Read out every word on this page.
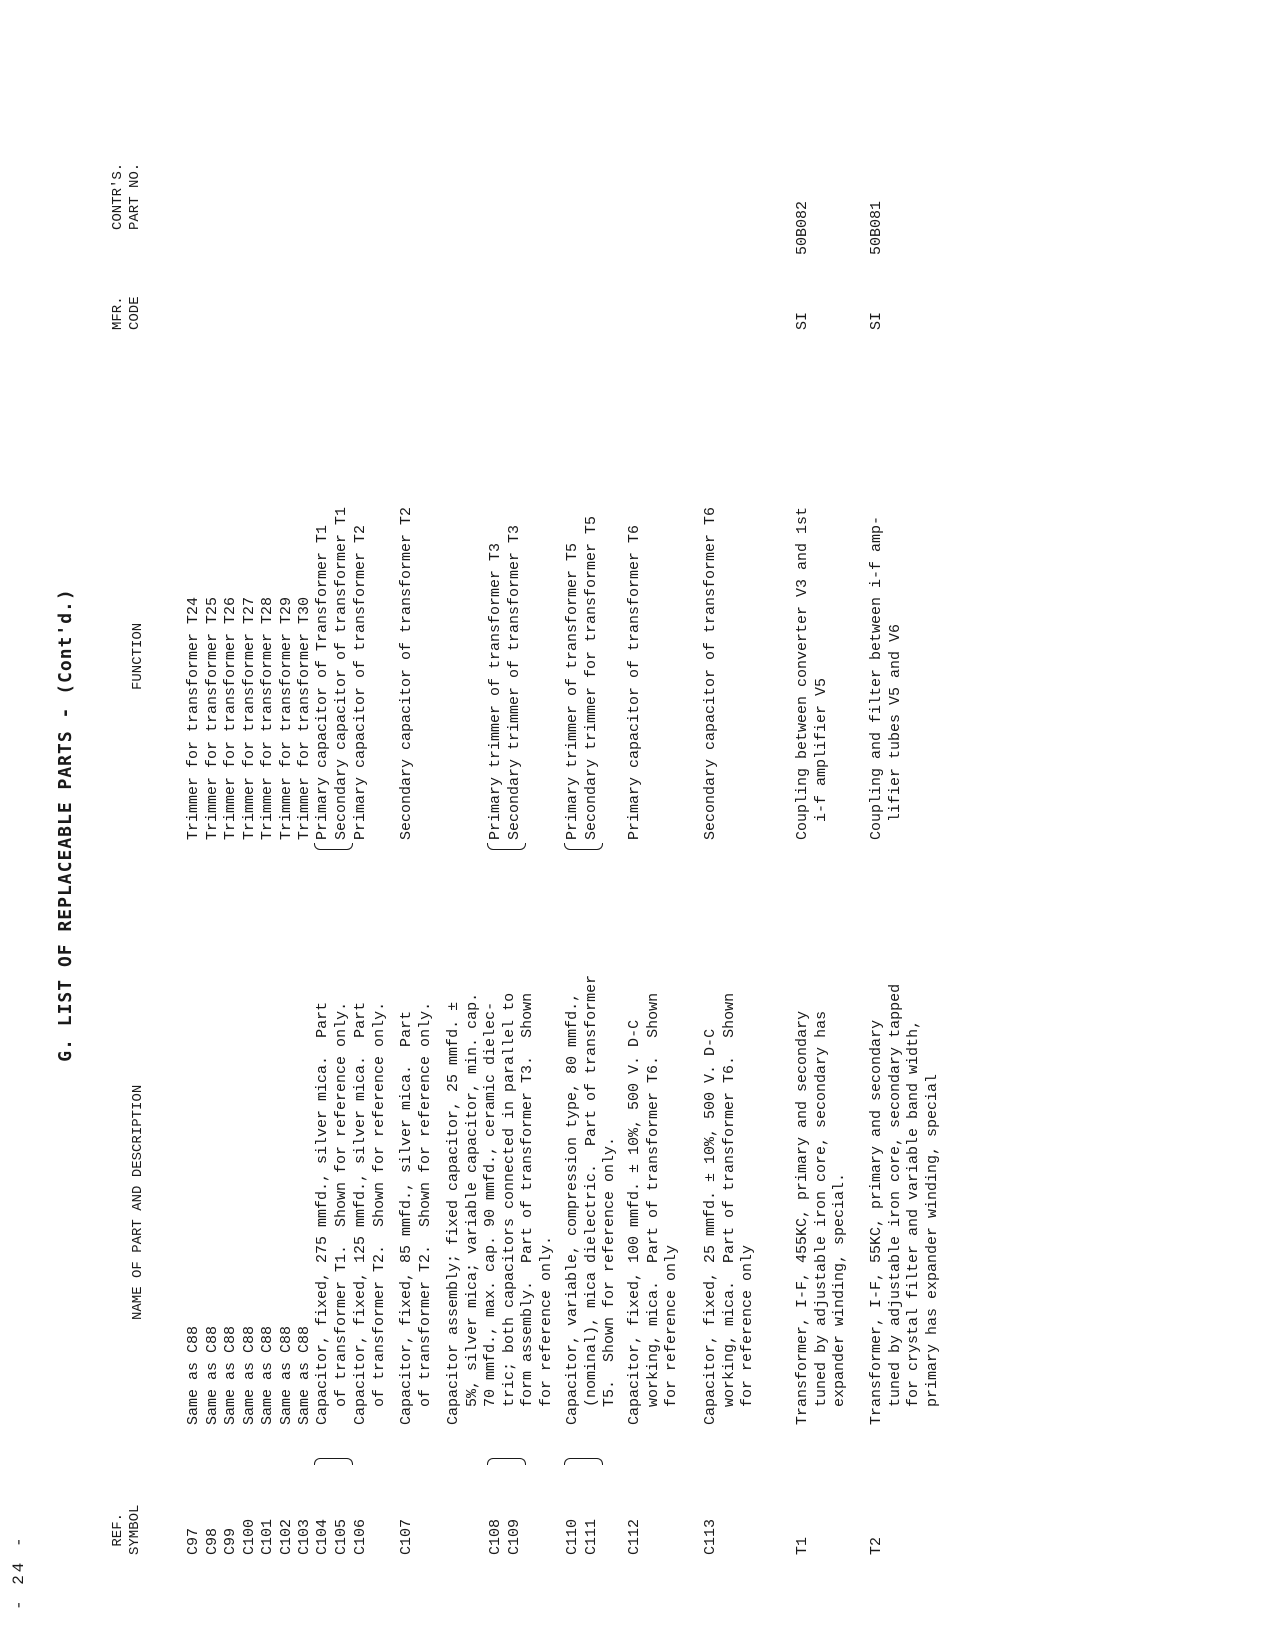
- 24 -
G. LIST OF REPLACEABLE PARTS - (Cont'd.)
REF.
SYMBOL
NAME OF PART AND DESCRIPTION
FUNCTION
MFR.
CODE
CONTR'S.
PART NO.
C97
C98
C99
C100
C101
C102
C103
Same as C88
Same as C88
Same as C88
Same as C88
Same as C88
Same as C88
Same as C88
Trimmer for transformer T24
Trimmer for transformer T25
Trimmer for transformer T26
Trimmer for transformer T27
Trimmer for transformer T28
Trimmer for transformer T29
Trimmer for transformer T30
C104
C105
Capacitor, fixed, 275 mmfd., silver mica.  Part
of transformer T1.  Shown for reference only.
Primary capacitor of Transformer T1
Secondary capacitor of transformer T1
C106
Capacitor, fixed, 125 mmfd., silver mica.  Part
of transformer T2.  Shown for reference only.
Primary capacitor of transformer T2
C107
Capacitor, fixed, 85 mmfd., silver mica.  Part
of transformer T2.  Shown for reference only.
Secondary capacitor of transformer T2
C108
C109
Capacitor assembly; fixed capacitor, 25 mmfd. ±
5%, silver mica; variable capacitor, min. cap.
70 mmfd., max. cap. 90 mmfd., ceramic dielec-
tric; both capacitors connected in parallel to
form assembly.  Part of transformer T3.  Shown
for reference only.
Primary trimmer of transformer T3
Secondary trimmer of transformer T3
C110
C111
Capacitor, variable, compression type, 80 mmfd.,
(nominal), mica dielectric.  Part of transformer
T5.  Shown for reference only.
Primary trimmer of transformer T5
Secondary trimmer for transformer T5
C112
Capacitor, fixed, 100 mmfd. ± 10%, 500 V. D-C
working, mica.  Part of transformer T6.  Shown
for reference only
Primary capacitor of transformer T6
C113
Capacitor, fixed, 25 mmfd. ± 10%, 500 V. D-C
working, mica.  Part of transformer T6.  Shown
for reference only
Secondary capacitor of transformer T6
T1
Transformer, I-F, 455KC, primary and secondary
tuned by adjustable iron core, secondary has
expander winding, special.
Coupling between converter V3 and 1st
i-f amplifier V5
SI
50B082
T2
Transformer, I-F, 55KC, primary and secondary
tuned by adjustable iron core, secondary tapped
for crystal filter and variable band width,
primary has expander winding, special
Coupling and filter between i-f amp-
lifier tubes V5 and V6
SI
50B081
